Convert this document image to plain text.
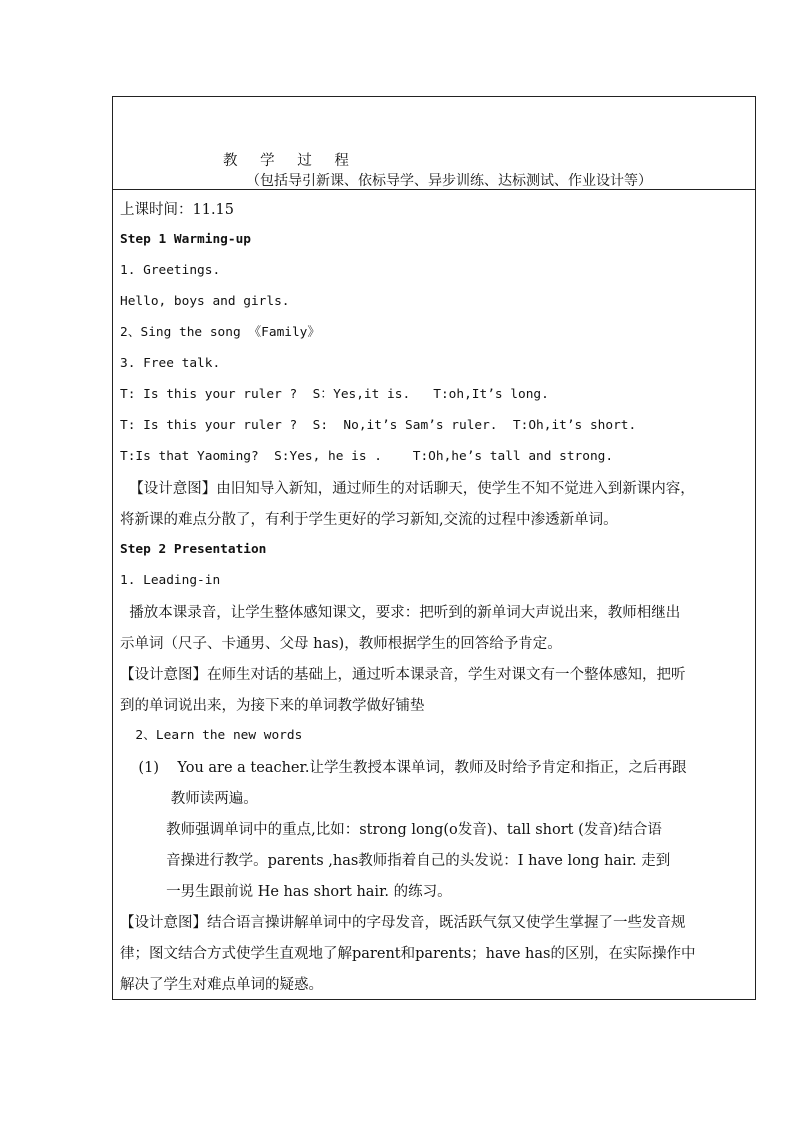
教 学 过 程
（包括导引新课、依标导学、异步训练、达标测试、作业设计等）
上课时间：11.15
Step 1 Warming-up
1. Greetings.
Hello, boys and girls.
2、Sing the song 《Family》
3. Free talk.
T: Is this your ruler ?  S：Yes,it is.   T:oh,It’s long.
T: Is this your ruler ?  S:  No,it’s Sam’s ruler.  T:Oh,it’s short.
T:Is that Yaoming?  S:Yes, he is .    T:Oh,he’s tall and strong.
【设计意图】由旧知导入新知，通过师生的对话聊天，使学生不知不觉进入到新课内容，
将新课的难点分散了，有利于学生更好的学习新知,交流的过程中渗透新单词。
Step 2 Presentation
1. Leading-in
播放本课录音，让学生整体感知课文，要求：把听到的新单词大声说出来，教师相继出
示单词（尺子、卡通男、父母 has)，教师根据学生的回答给予肯定。
【设计意图】在师生对话的基础上，通过听本课录音，学生对课文有一个整体感知，把听
到的单词说出来，为接下来的单词教学做好铺垫
2、Learn the new words
(1)    You are a teacher.让学生教授本课单词，教师及时给予肯定和指正，之后再跟
教师读两遍。
教师强调单词中的重点,比如：strong long(o发音)、tall short (发音)结合语
音操进行教学。parents ,has教师指着自己的头发说：I have long hair. 走到
一男生跟前说 He has short hair. 的练习。
【设计意图】结合语言操讲解单词中的字母发音，既活跃气氛又使学生掌握了一些发音规
律；图文结合方式使学生直观地了解parent和parents；have has的区别，在实际操作中
解决了学生对难点单词的疑惑。
